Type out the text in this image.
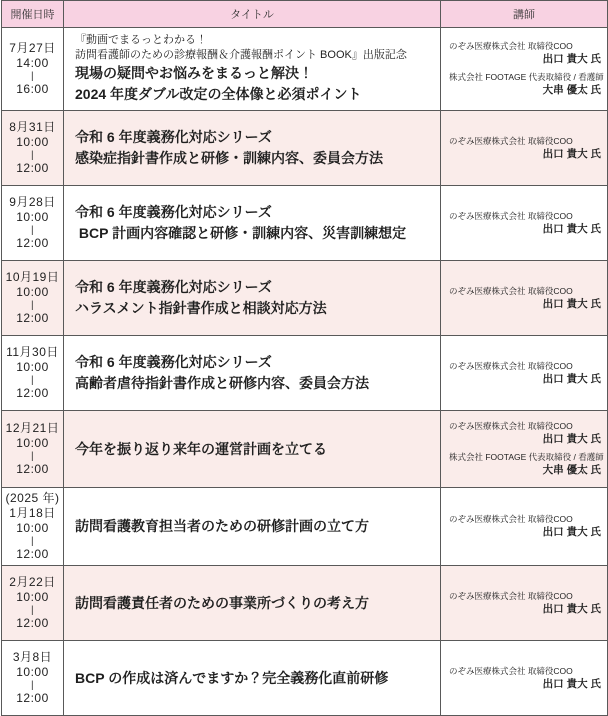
開催日時	タイトル	講師

7月27日
14:00
|
16:00

『動画でまるっとわかる！
訪問看護師のための診療報酬＆介護報酬ポイント BOOK』出版記念
現場の疑問やお悩みをまるっと解決！
2024 年度ダブル改定の全体像と必須ポイント

のぞみ医療株式会社 取締役COO
出口 貴大 氏
株式会社 FOOTAGE 代表取締役 / 看護師
大串 優太 氏

8月31日
10:00
|
12:00

令和 6 年度義務化対応シリーズ
感染症指針書作成と研修・訓練内容、委員会方法

のぞみ医療株式会社 取締役COO
出口 貴大 氏

9月28日
10:00
|
12:00

令和 6 年度義務化対応シリーズ
BCP 計画内容確認と研修・訓練内容、災害訓練想定

のぞみ医療株式会社 取締役COO
出口 貴大 氏

10月19日
10:00
|
12:00

令和 6 年度義務化対応シリーズ
ハラスメント指針書作成と相談対応方法

のぞみ医療株式会社 取締役COO
出口 貴大 氏

11月30日
10:00
|
12:00

令和 6 年度義務化対応シリーズ
高齢者虐待指針書作成と研修内容、委員会方法

のぞみ医療株式会社 取締役COO
出口 貴大 氏

12月21日
10:00
|
12:00

今年を振り返り来年の運営計画を立てる

のぞみ医療株式会社 取締役COO
出口 貴大 氏
株式会社 FOOTAGE 代表取締役 / 看護師
大串 優太 氏

(2025 年)
1月18日
10:00
|
12:00

訪問看護教育担当者のための研修計画の立て方	のぞみ医療株式会社 取締役COO
出口 貴大 氏

2月22日
10:00
|
12:00

訪問看護責任者のための事業所づくりの考え方	のぞみ医療株式会社 取締役COO
出口 貴大 氏

3月8日
10:00
|
12:00

BCP の作成は済んでますか？完全義務化直前研修	のぞみ医療株式会社 取締役COO
出口 貴大 氏
